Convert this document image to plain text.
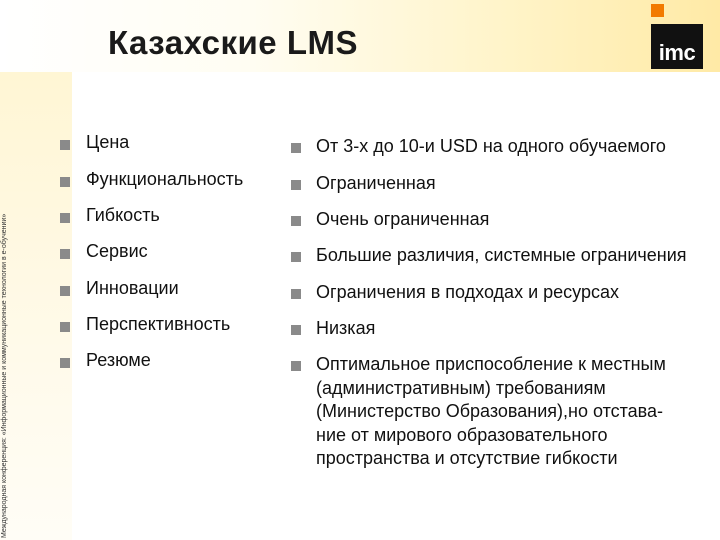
Международная конференция: «Информационные и коммуникационные технологии в е-обучении»
Казахские LMS	imc
Цена	От 3-х до 10-и USD на одного обучаемого
Функциональность	Ограниченная
Гибкость	Очень ограниченная
Сервис	Большие различия, системные ограничения
Инновации	Ограничения в подходах и ресурсах
Перспективность	Низкая
Резюме	Оптимальное приспособление к местным
(административным) требованиям
(Министерство Образования),но отстава-
ние от мирового образовательного
пространства и отсутствие гибкости
